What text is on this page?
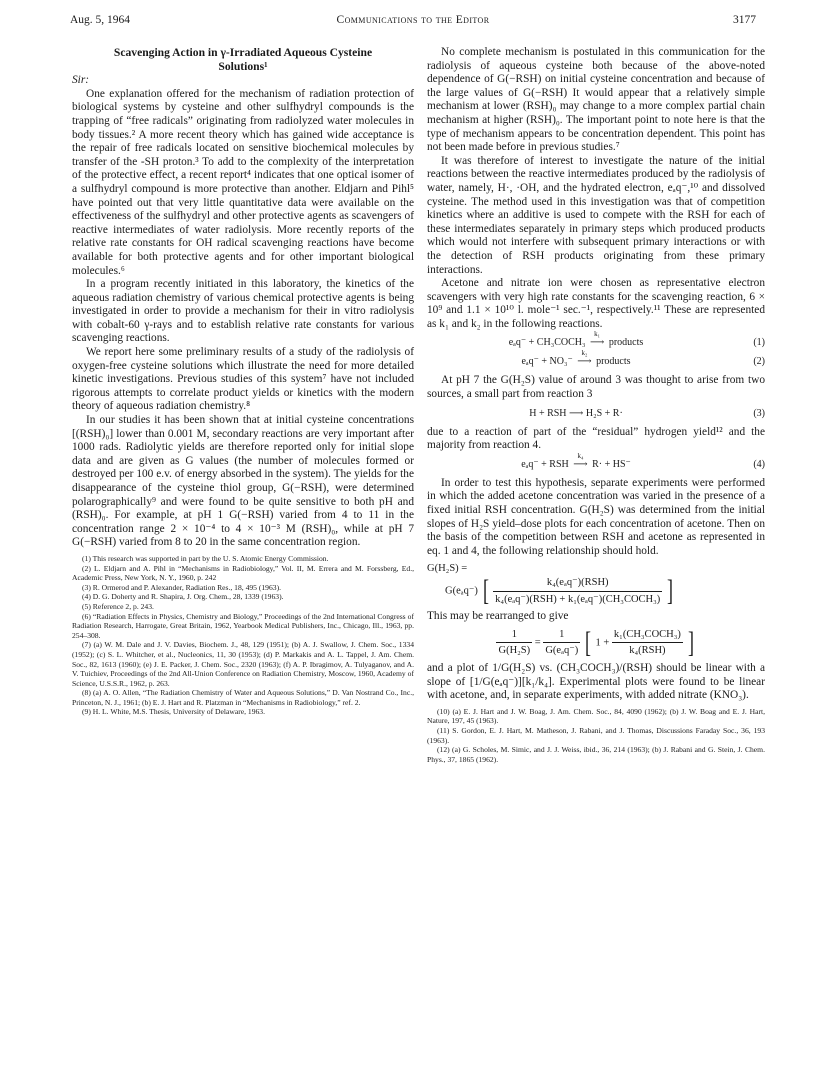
Aug. 5, 1964	Communications to the Editor	3177
Scavenging Action in γ-Irradiated Aqueous Cysteine
Solutions¹

Sir:

One explanation offered for the mechanism of radiation protection of biological systems by cysteine and other sulfhydryl compounds is the trapping of “free radicals” originating from radiolyzed water molecules in body tissues.² A more recent theory which has gained wide acceptance is the repair of free radicals located on sensitive biochemical molecules by transfer of the -SH proton.³ To add to the complexity of the interpretation of the protective effect, a recent report⁴ indicates that one optical isomer of a sulfhydryl compound is more protective than another. Eldjarn and Pihl⁵ have pointed out that very little quantitative data were available on the effectiveness of the sulfhydryl and other protective agents as scavengers of reactive intermediates of water radiolysis. More recently reports of the relative rate constants for OH radical scavenging reactions have become available for both protective agents and for other important biological molecules.⁶

In a program recently initiated in this laboratory, the kinetics of the aqueous radiation chemistry of various chemical protective agents is being investigated in order to provide a mechanism for their in vitro radiolysis with cobalt-60 γ-rays and to establish relative rate constants for various scavenging reactions.

We report here some preliminary results of a study of the radiolysis of oxygen-free cysteine solutions which illustrate the need for more detailed kinetic investigations. Previous studies of this system⁷ have not included rigorous attempts to correlate product yields or kinetics with the modern theory of aqueous radiation chemistry.⁸

In our studies it has been shown that at initial cysteine concentrations [(RSH)₀] lower than 0.001 M, secondary reactions are very important after 1000 rads. Radiolytic yields are therefore reported only for initial slope data and are given as G values (the number of molecules formed or destroyed per 100 e.v. of energy absorbed in the system). The yields for the disappearance of the cysteine thiol group, G(−RSH), were determined polarographically⁹ and were found to be quite sensitive to both pH and (RSH)₀. For example, at pH 1 G(−RSH) varied from 4 to 11 in the concentration range 2 × 10⁻⁴ to 4 × 10⁻³ M (RSH)₀, while at pH 7 G(−RSH) varied from 8 to 20 in the same concentration region.

(1) This research was supported in part by the U. S. Atomic Energy Commission.

(2) L. Eldjarn and A. Pihl in “Mechanisms in Radiobiology,” Vol. II, M. Errera and M. Forssberg, Ed., Academic Press, New York, N. Y., 1960, p. 242

(3) R. Ormerod and P. Alexander, Radiation Res., 18, 495 (1963).

(4) D. G. Doherty and R. Shapira, J. Org. Chem., 28, 1339 (1963).

(5) Reference 2, p. 243.

(6) “Radiation Effects in Physics, Chemistry and Biology,” Proceedings of the 2nd International Congress of Radiation Research, Harrogate, Great Britain, 1962, Yearbook Medical Publishers, Inc., Chicago, Ill., 1963, pp. 254–308.

(7) (a) W. M. Dale and J. V. Davies, Biochem. J., 48, 129 (1951); (b) A. J. Swallow, J. Chem. Soc., 1334 (1952); (c) S. L. Whitcher, et al., Nucleonics, 11, 30 (1953); (d) P. Markakis and A. L. Tappel, J. Am. Chem. Soc., 82, 1613 (1960); (e) J. E. Packer, J. Chem. Soc., 2320 (1963); (f) A. P. Ibragimov, A. Tulyaganov, and A. V. Tuichiev, Proceedings of the 2nd All-Union Conference on Radiation Chemistry, Moscow, 1960, Academy of Science, U.S.S.R., 1962, p. 263.

(8) (a) A. O. Allen, “The Radiation Chemistry of Water and Aqueous Solutions,” D. Van Nostrand Co., Inc., Princeton, N. J., 1961; (b) E. J. Hart and R. Platzman in “Mechanisms in Radiobiology,” ref. 2.

(9) H. L. White, M.S. Thesis, University of Delaware, 1963.

No complete mechanism is postulated in this communication for the radiolysis of aqueous cysteine both because of the above-noted dependence of G(−RSH) on initial cysteine concentration and because of the large values of G(−RSH) It would appear that a relatively simple mechanism at lower (RSH)₀ may change to a more complex partial chain mechanism at higher (RSH)₀. The important point to note here is that the type of mechanism appears to be concentration dependent. This point has not been made before in previous studies.⁷

It was therefore of interest to investigate the nature of the initial reactions between the reactive intermediates produced by the radiolysis of water, namely, H·, ·OH, and the hydrated electron, eₐq⁻,¹⁰ and dissolved cysteine. The method used in this investigation was that of competition kinetics where an additive is used to compete with the RSH for each of these intermediates separately in primary steps which produced products which would not interfere with subsequent primary interactions or with the detection of RSH products originating from these primary interactions.

Acetone and nitrate ion were chosen as representative electron scavengers with very high rate constants for the scavenging reaction, 6 × 10⁹ and 1.1 × 10¹⁰ l. mole⁻¹ sec.⁻¹, respectively.¹¹ These are represented as k₁ and k₂ in the following reactions.

eₐq⁻ + CH₃COCH₃
k₁
⟶ products	(1)
eₐq⁻ + NO₃⁻
k₂
⟶ products	(2)

At pH 7 the G(H₂S) value of around 3 was thought to arise from two sources, a small part from reaction 3

H + RSH ⟶ H₂S + R·	(3)

due to a reaction of part of the “residual” hydrogen yield¹² and the majority from reaction 4.

eₐq⁻ + RSH
k₄
⟶ R· + HS⁻	(4)

In order to test this hypothesis, separate experiments were performed in which the added acetone concentration was varied in the presence of a fixed initial RSH concentration. G(H₂S) was determined from the initial slopes of H₂S yield–dose plots for each concentration of acetone. Then on the basis of the competition between RSH and acetone as represented in eq. 1 and 4, the following relationship should hold.

G(H₂S) =
G(eₐq⁻) [ $\frac{\text{k₄(eₐq⁻)(RSH)}}{\text{k₄(eₐq⁻)(RSH) + k₁(eₐq⁻)(CH₃COCH₃)}}$ ]

This may be rearranged to give

$\frac{1}{\text{G(H₂S)}} = \frac{1}{\text{G(eₐq⁻)}}$ [ $1 + \frac{\text{k₁(CH₃COCH₃)}}{\text{k₄(RSH)}}$ ]

and a plot of 1/G(H₂S) vs. (CH₃COCH₃)/(RSH) should be linear with a slope of [1/G(eₐq⁻)][k₁/k₄]. Experimental plots were found to be linear with acetone, and, in separate experiments, with added nitrate (KNO₃).

(10) (a) E. J. Hart and J. W. Boag, J. Am. Chem. Soc., 84, 4090 (1962); (b) J. W. Boag and E. J. Hart, Nature, 197, 45 (1963).

(11) S. Gordon, E. J. Hart, M. Matheson, J. Rabani, and J. Thomas, Discussions Faraday Soc., 36, 193 (1963).

(12) (a) G. Scholes, M. Simic, and J. J. Weiss, ibid., 36, 214 (1963); (b) J. Rabani and G. Stein, J. Chem. Phys., 37, 1865 (1962).
